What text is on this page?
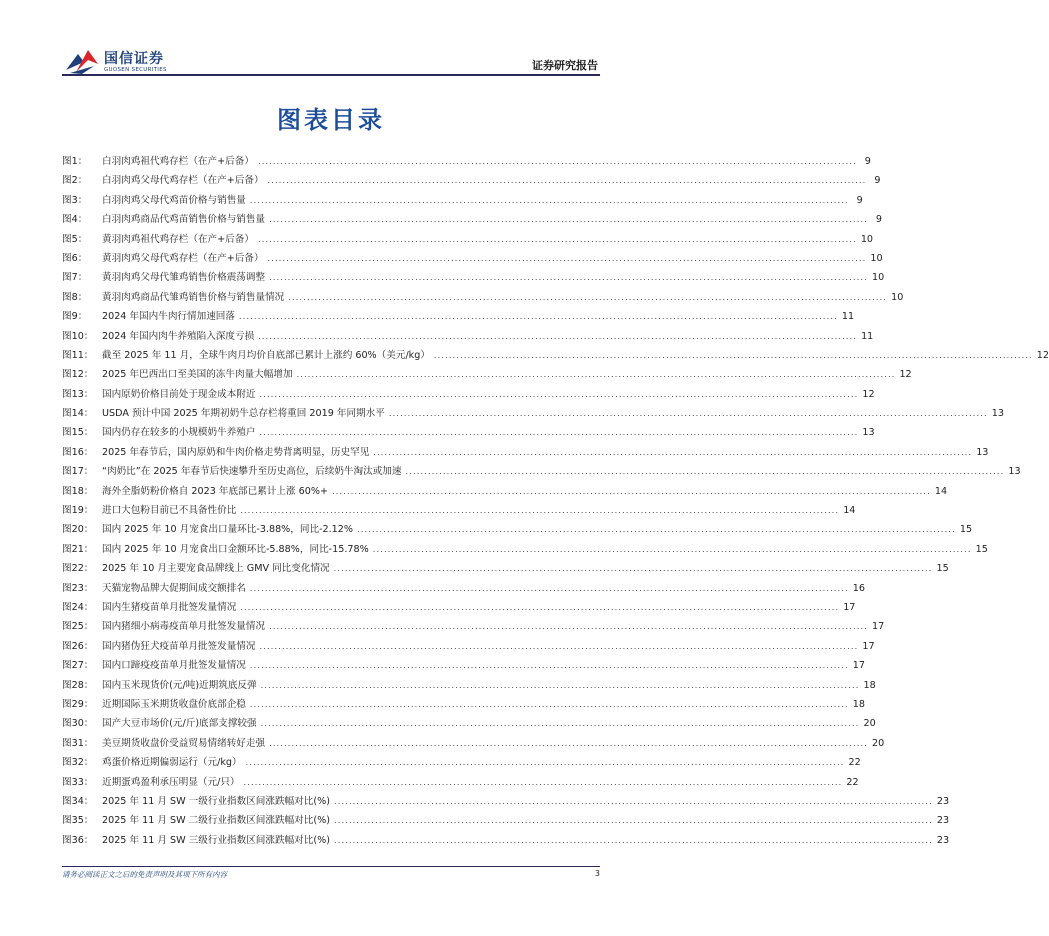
国信证券
GUOSEN SECURITIES	证券研究报告
图表目录
图1：	白羽肉鸡祖代鸡存栏（在产+后备） ................................................................................................................................................................ 9
图2：	白羽肉鸡父母代鸡存栏（在产+后备） ................................................................................................................................................................ 9
图3：	白羽肉鸡父母代鸡苗价格与销售量 ................................................................................................................................................................ 9
图4：	白羽肉鸡商品代鸡苗销售价格与销售量 ................................................................................................................................................................ 9
图5：	黄羽肉鸡祖代鸡存栏（在产+后备） ................................................................................................................................................................ 10
图6：	黄羽肉鸡父母代鸡存栏（在产+后备） ................................................................................................................................................................ 10
图7：	黄羽肉鸡父母代雏鸡销售价格震荡调整 ................................................................................................................................................................ 10
图8：	黄羽肉鸡商品代雏鸡销售价格与销售量情况 ................................................................................................................................................................ 10
图9：	2024 年国内牛肉行情加速回落 ................................................................................................................................................................ 11
图10： 2024 年国内肉牛养殖陷入深度亏损 ................................................................................................................................................................ 11
图11： 截至 2025 年 11 月，全球牛肉月均价自底部已累计上涨约 60%（美元/kg） ................................................................................................................................................................ 12
图12： 2025 年巴西出口至美国的冻牛肉量大幅增加 ................................................................................................................................................................ 12
图13： 国内原奶价格目前处于现金成本附近 ................................................................................................................................................................ 12
图14： USDA 预计中国 2025 年期初奶牛总存栏将重回 2019 年同期水平 ................................................................................................................................................................ 13
图15： 国内仍存在较多的小规模奶牛养殖户 ................................................................................................................................................................ 13
图16： 2025 年春节后，国内原奶和牛肉价格走势背离明显，历史罕见 ................................................................................................................................................................ 13
图17： “肉奶比”在 2025 年春节后快速攀升至历史高位，后续奶牛淘汰或加速 ................................................................................................................................................................ 13
图18： 海外全脂奶粉价格自 2023 年底部已累计上涨 60%+ ................................................................................................................................................................ 14
图19： 进口大包粉目前已不具备性价比 ................................................................................................................................................................ 14
图20： 国内 2025 年 10 月宠食出口量环比-3.88%，同比-2.12% ................................................................................................................................................................ 15
图21： 国内 2025 年 10 月宠食出口金额环比-5.88%，同比-15.78% ................................................................................................................................................................ 15
图22： 2025 年 10 月主要宠食品牌线上 GMV 同比变化情况 ................................................................................................................................................................ 15
图23： 天猫宠物品牌大促期间成交额排名 ................................................................................................................................................................ 16
图24： 国内生猪疫苗单月批签发量情况 ................................................................................................................................................................ 17
图25： 国内猪细小病毒疫苗单月批签发量情况 ................................................................................................................................................................ 17
图26： 国内猪伪狂犬疫苗单月批签发量情况 ................................................................................................................................................................ 17
图27： 国内口蹄疫疫苗单月批签发量情况 ................................................................................................................................................................ 17
图28： 国内玉米现货价(元/吨)近期筑底反弹 ................................................................................................................................................................ 18
图29： 近期国际玉米期货收盘价底部企稳 ................................................................................................................................................................ 18
图30： 国产大豆市场价(元/斤)底部支撑较强 ................................................................................................................................................................ 20
图31： 美豆期货收盘价受益贸易情绪转好走强 ................................................................................................................................................................ 20
图32： 鸡蛋价格近期偏弱运行（元/kg） ................................................................................................................................................................ 22
图33： 近期蛋鸡盈利承压明显（元/只） ................................................................................................................................................................ 22
图34： 2025 年 11 月 SW 一级行业指数区间涨跌幅对比(%) ................................................................................................................................................................ 23
图35： 2025 年 11 月 SW 二级行业指数区间涨跌幅对比(%) ................................................................................................................................................................ 23
图36： 2025 年 11 月 SW 三级行业指数区间涨跌幅对比(%) ................................................................................................................................................................ 23
请务必阅读正文之后的免责声明及其项下所有内容	3
